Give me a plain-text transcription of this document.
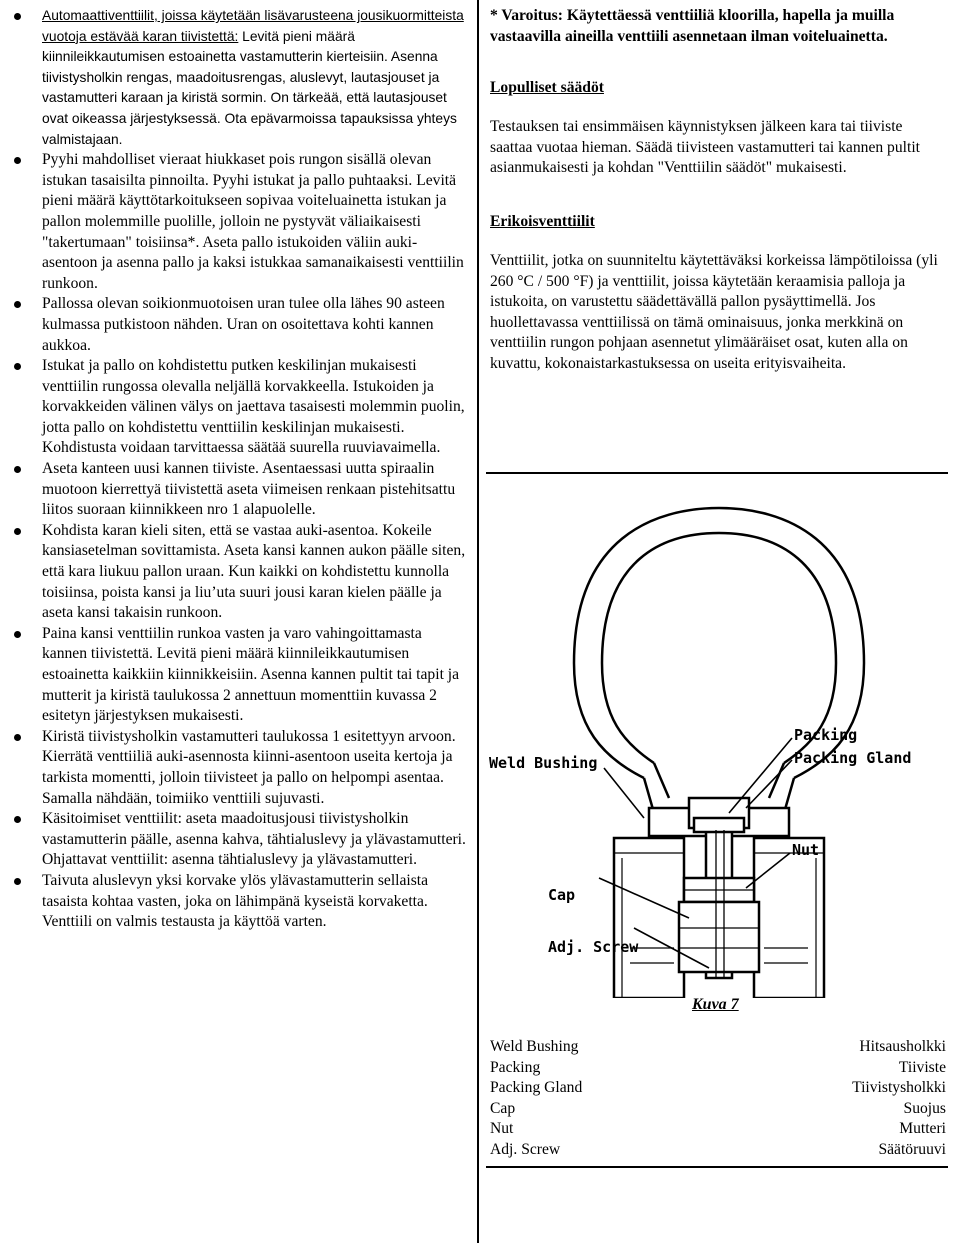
Automaattiventtiilit, joissa käytetään lisävarusteena jousikuormitteista vuotoja estävää karan tiivistettä: Levitä pieni määrä kiinnileikkautumisen estoainetta vastamutterin kierteisiin. Asenna tiivistysholkin rengas, maadoitusrengas, aluslevyt, lautasjouset ja vastamutteri karaan ja kiristä sormin. On tärkeää, että lautasjouset ovat oikeassa järjestyksessä. Ota epävarmoissa tapauksissa yhteys valmistajaan.
Pyyhi mahdolliset vieraat hiukkaset pois rungon sisällä olevan istukan tasaisilta pinnoilta. Pyyhi istukat ja pallo puhtaaksi. Levitä pieni määrä käyttötarkoitukseen sopivaa voiteluainetta istukan ja pallon molemmille puolille, jolloin ne pystyvät väliaikaisesti "takertumaan" toisiinsa*. Aseta pallo istukoiden väliin auki-asentoon ja asenna pallo ja kaksi istukkaa samanaikaisesti venttiilin runkoon.
Pallossa olevan soikionmuotoisen uran tulee olla lähes 90 asteen kulmassa putkistoon nähden. Uran on osoitettava kohti kannen aukkoa.
Istukat ja pallo on kohdistettu putken keskilinjan mukaisesti venttiilin rungossa olevalla neljällä korvakkeella. Istukoiden ja korvakkeiden välinen välys on jaettava tasaisesti molemmin puolin, jotta pallo on kohdistettu venttiilin keskilinjan mukaisesti. Kohdistusta voidaan tarvittaessa säätää suurella ruuviavaimella.
Aseta kanteen uusi kannen tiiviste. Asentaessasi uutta spiraalin muotoon kierrettyä tiivistettä aseta viimeisen renkaan pistehitsattu liitos suoraan kiinnikkeen nro 1 alapuolelle.
Kohdista karan kieli siten, että se vastaa auki-asentoa. Kokeile kansiasetelman sovittamista. Aseta kansi kannen aukon päälle siten, että kara liukuu pallon uraan. Kun kaikki on kohdistettu kunnolla toisiinsa, poista kansi ja liu’uta suuri jousi karan kielen päälle ja aseta kansi takaisin runkoon.
Paina kansi venttiilin runkoa vasten ja varo vahingoittamasta kannen tiivistettä. Levitä pieni määrä kiinnileikkautumisen estoainetta kaikkiin kiinnikkeisiin. Asenna kannen pultit tai tapit ja mutterit ja kiristä taulukossa 2 annettuun momenttiin kuvassa 2 esitetyn järjestyksen mukaisesti.
Kiristä tiivistysholkin vastamutteri taulukossa 1 esitettyyn arvoon. Kierrätä venttiiliä auki-asennosta kiinni-asentoon useita kertoja ja tarkista momentti, jolloin tiivisteet ja pallo on helpompi asentaa. Samalla nähdään, toimiiko venttiili sujuvasti.
Käsitoimiset venttiilit: aseta maadoitusjousi tiivistysholkin vastamutterin päälle, asenna kahva, tähtialuslevy ja ylävastamutteri. Ohjattavat venttiilit: asenna tähtialuslevy ja ylävastamutteri.
Taivuta aluslevyn yksi korvake ylös ylävastamutterin sellaista tasaista kohtaa vasten, joka on lähimpänä kyseistä korvaketta. Venttiili on valmis testausta ja käyttöä varten.

* Varoitus: Käytettäessä venttiiliä kloorilla, hapella ja muilla vastaavilla aineilla venttiili asennetaan ilman voiteluainetta.

Lopulliset säädöt

Testauksen tai ensimmäisen käynnistyksen jälkeen kara tai tiiviste saattaa vuotaa hieman. Säädä tiivisteen vastamutteri tai kannen pultit asianmukaisesti ja kohdan "Venttiilin säädöt" mukaisesti.

Erikoisventtiilit

Venttiilit, jotka on suunniteltu käytettäväksi korkeissa lämpötiloissa (yli 260 °C / 500 °F) ja venttiilit, joissa käytetään keraamisia palloja ja istukoita, on varustettu säädettävällä pallon pysäyttimellä. Jos huollettavassa venttiilissä on tämä ominaisuus, jonka merkkinä on venttiilin rungon pohjaan asennetut ylimääräiset osat, kuten alla on kuvattu, kokonaistarkastuksessa on useita erityisvaiheita.

Weld Bushing
Packing
Packing Gland
Nut
Cap
Adj. Screw
Kuva 7
Weld Bushing	Hitsausholkki
Packing	Tiiviste
Packing Gland	Tiivistysholkki
Cap	Suojus
Nut	Mutteri
Adj. Screw	Säätöruuvi
